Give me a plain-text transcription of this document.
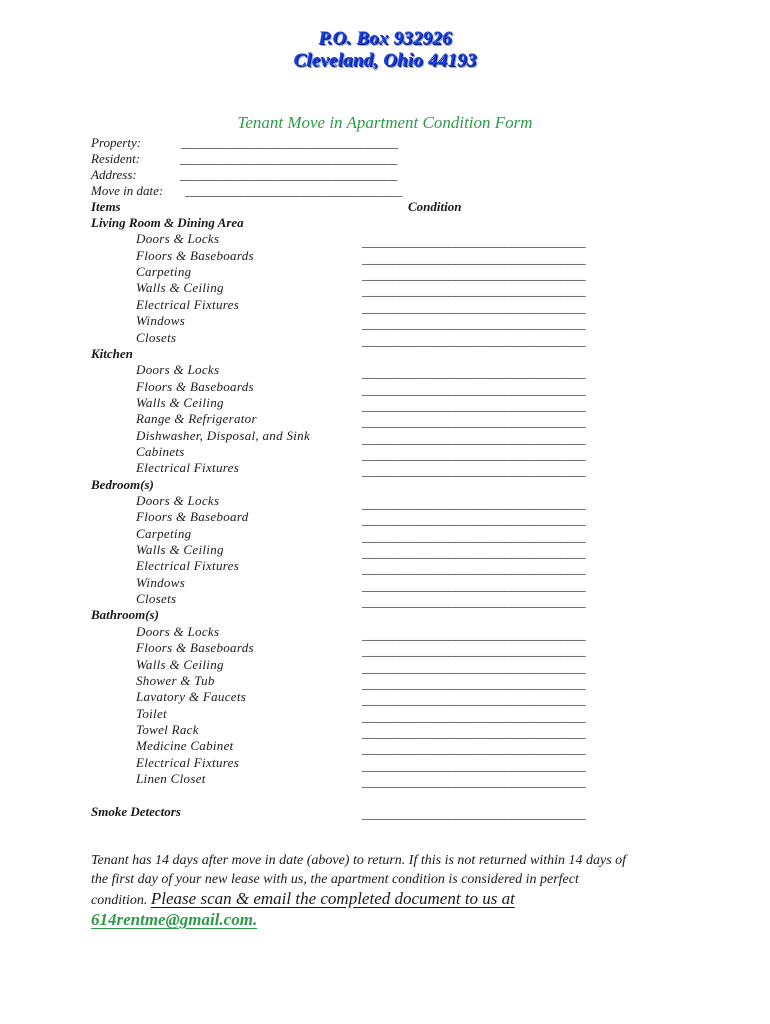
P.O. Box 932926
Cleveland, Ohio 44193
Tenant Move in Apartment Condition Form
Property:	___________________________________
Resident:	___________________________________
Address:	___________________________________
Move in date: ___________________________________
Items	Condition
Living Room & Dining Area
Doors & Locks	____________________________________
Floors & Baseboards	____________________________________
Carpeting	____________________________________
Walls & Ceiling	____________________________________
Electrical Fixtures	____________________________________
Windows	____________________________________
Closets	____________________________________
Kitchen
Doors & Locks	____________________________________
Floors & Baseboards	____________________________________
Walls & Ceiling	____________________________________
Range & Refrigerator	____________________________________
Dishwasher, Disposal, and Sink	____________________________________
Cabinets	____________________________________
Electrical Fixtures	____________________________________
Bedroom(s)
Doors & Locks	____________________________________
Floors & Baseboard	____________________________________
Carpeting	____________________________________
Walls & Ceiling	____________________________________
Electrical Fixtures	____________________________________
Windows	____________________________________
Closets	____________________________________
Bathroom(s)
Doors & Locks	____________________________________
Floors & Baseboards	____________________________________
Walls & Ceiling	____________________________________
Shower & Tub	____________________________________
Lavatory & Faucets	____________________________________
Toilet	____________________________________
Towel Rack	____________________________________
Medicine Cabinet	____________________________________
Electrical Fixtures	____________________________________
Linen Closet	____________________________________
Smoke Detectors	____________________________________
Tenant has 14 days after move in date (above) to return. If this is not returned within 14 days of
the first day of your new lease with us, the apartment condition is considered in perfect
condition. Please scan & email the completed document to us at
614rentme@gmail.com.
